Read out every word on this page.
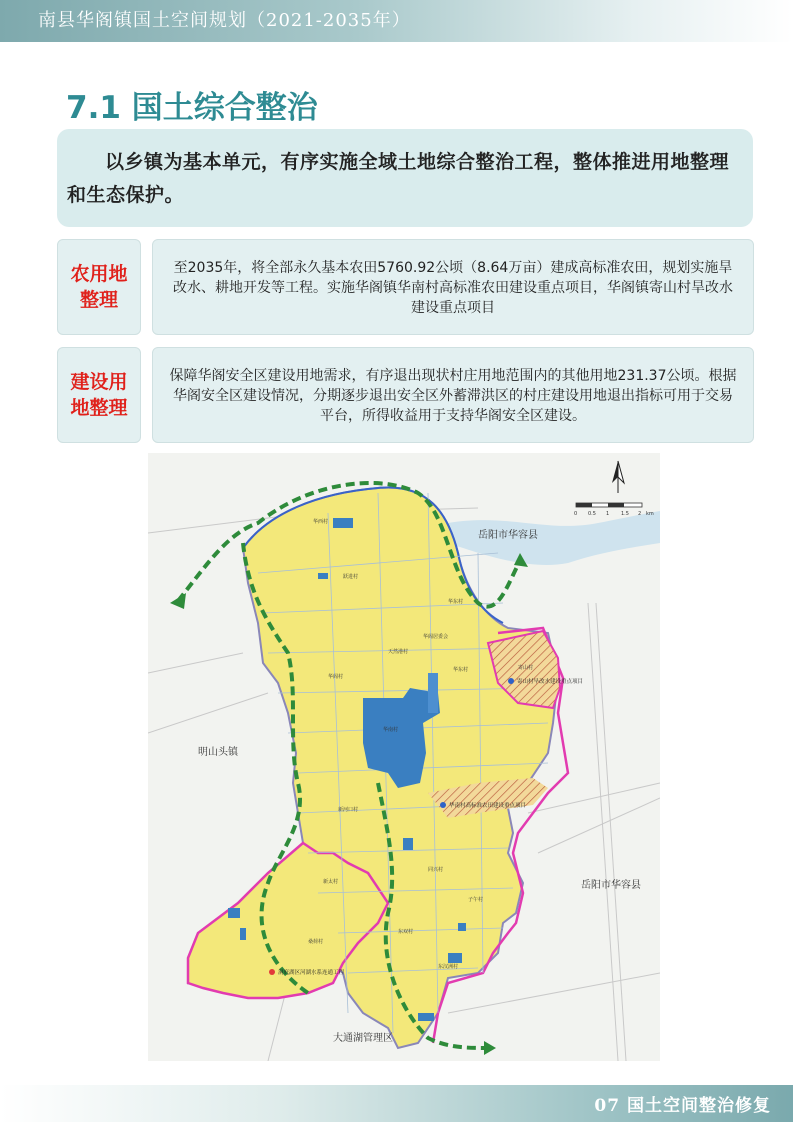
南县华阁镇国土空间规划（2021-2035年）
7.1 国土综合整治

以乡镇为基本单元，有序实施全域土地综合整治工程，整体推进用地整理和生态保护。

农用地
整理

至2035年，将全部永久基本农田5760.92公顷（8.64万亩）建成高标准农田，规划实施旱改水、耕地开发等工程。实施华阁镇华南村高标准农田建设重点项目，华阁镇寄山村旱改水建设重点项目

建设用
地整理

保障华阁安全区建设用地需求，有序退出现状村庄用地范围内的其他用地231.37公顷。根据华阁安全区建设情况，分期逐步退出安全区外蓄滞洪区的村庄建设用地退出指标可用于交易平台，所得收益用于支持华阁安全区建设。

0 0.5 1 1.5 2 km
岳阳市华容县
岳阳市华容县
明山头镇
大通湖管理区
华西村
跃进村
华东村
华阁居委会
天然港村
华东村
华阁村
华南村
寄山村
新河口村
同兴村
新太村
东双村
东汉洲村
子午村
桑荷村
寄山村旱改水建设重点项目
华南村高标准农田建设重点项目
洞庭湖区河湖水系连通工程
07 国土空间整治修复
